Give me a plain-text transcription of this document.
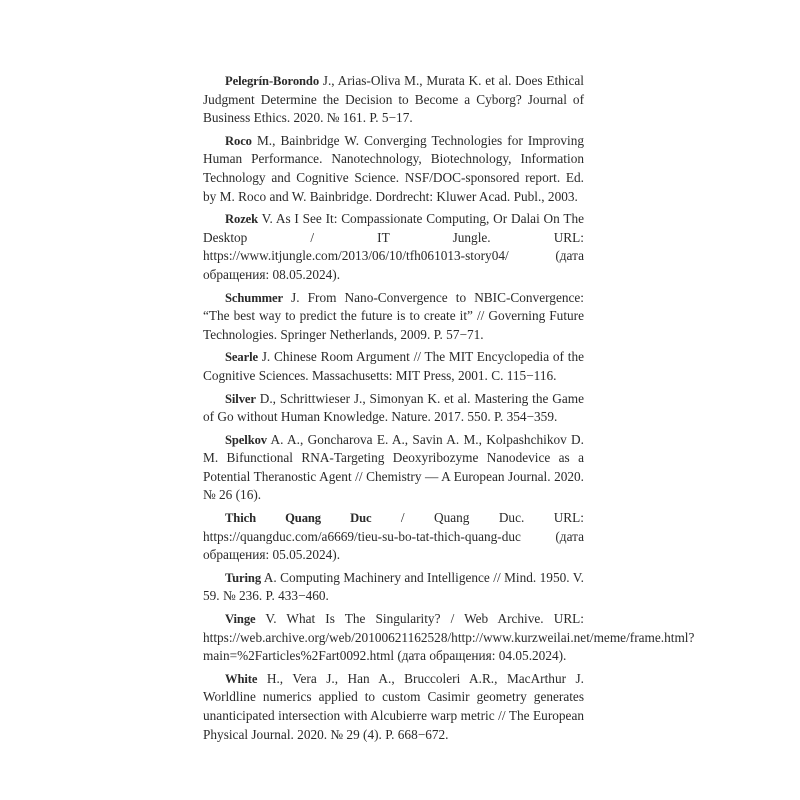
Pelegrín-Borondo J., Arias-Oliva M., Murata K. et al. Does Ethical Judgment Determine the Decision to Become a Cyborg? Journal of Business Ethics. 2020. № 161. P. 5−17.

Roco M., Bainbridge W. Converging Technologies for Improving Human Performance. Nanotechnology, Biotechnology, Information Technology and Cognitive Science. NSF/DOC-sponsored report. Ed. by M. Roco and W. Bainbridge. Dordrecht: Kluwer Acad. Publ., 2003.

Rozek V. As I See It: Compassionate Computing, Or Dalai On The Desktop / IT Jungle. URL: https://www.itjungle.com/2013/06/10/tfh061013-story04/ (дата обращения: 08.05.2024).

Schummer J. From Nano-Convergence to NBIC-Convergence: “The best way to predict the future is to create it” // Governing Future Technologies. Springer Netherlands, 2009. P. 57−71.

Searle J. Chinese Room Argument // The MIT Encyclopedia of the Cognitive Sciences. Massachusetts: MIT Press, 2001. C. 115−116.

Silver D., Schrittwieser J., Simonyan K. et al. Mastering the Game of Go without Human Knowledge. Nature. 2017. 550. P. 354−359.

Spelkov A. A., Goncharova E. A., Savin A. M., Kolpashchikov D. M. Bifunctional RNA-Targeting Deoxyribozyme Nanodevice as a Potential Theranostic Agent // Chemistry — A European Journal. 2020. № 26 (16).

Thich Quang Duc / Quang Duc. URL: https://quangduc.com/a6669/tieu-su-bo-tat-thich-quang-duc (дата обращения: 05.05.2024).

Turing A. Computing Machinery and Intelligence // Mind. 1950. V. 59. № 236. P. 433−460.

Vinge V. What Is The Singularity? / Web Archive. URL: https://web.archive.org/web/20100621162528/http://www.kurzweilai.net/meme/frame.html?main=%2Farticles%2Fart0092.html (дата обращения: 04.05.2024).

White H., Vera J., Han A., Bruccoleri A.R., MacArthur J. Worldline numerics applied to custom Casimir geometry generates unanticipated intersection with Alcubierre warp metric // The European Physical Journal. 2020. № 29 (4). P. 668−672.
